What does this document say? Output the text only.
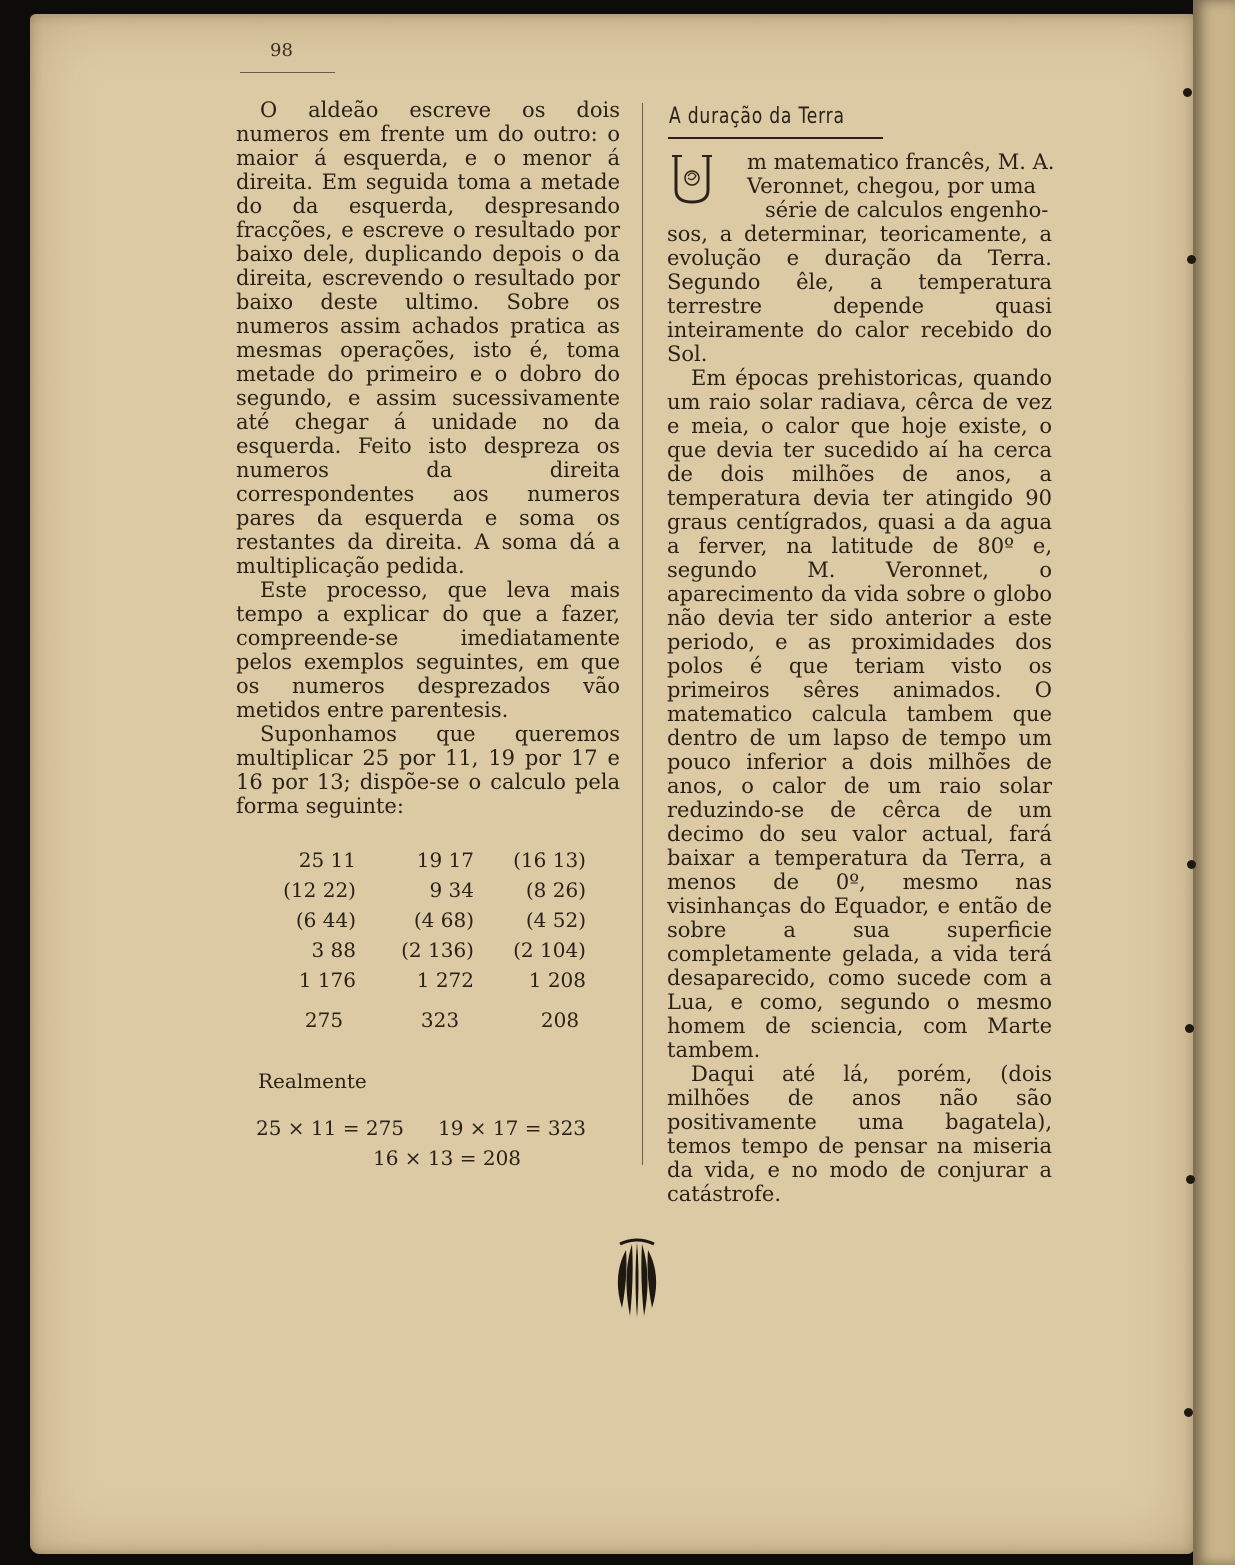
98

O aldeão escreve os dois numeros em frente um do outro: o maior á esquerda, e o menor á direita. Em seguida toma a metade do da esquerda, despresando fracções, e escreve o resultado por baixo dele, duplicando depois o da direita, escrevendo o resultado por baixo deste ultimo. Sobre os numeros assim achados pratica as mesmas operações, isto é, toma metade do primeiro e o dobro do segundo, e assim sucessivamente até chegar á unidade no da esquerda. Feito isto despreza os numeros da direita correspondentes aos numeros pares da esquerda e soma os restantes da direita. A soma dá a multiplicação pedida.

Este processo, que leva mais tempo a explicar do que a fazer, compreende-se imediatamente pelos exemplos seguintes, em que os numeros desprezados vão metidos entre parentesis.

Suponhamos que queremos multiplicar 25 por 11, 19 por 17 e 16 por 13; dispõe-se o calculo pela forma seguinte:

25 11
(12 22)
(6 44)
3 88
1 176
275
19 17
9 34
(4 68)
(2 136)
1 272
323
(16 13)
(8 26)
(4 52)
(2 104)
1 208
208
Realmente
25 × 11 = 275 19 × 17 = 323
16 × 13 = 208
A duração da Terra
m matematico francês, M. A.
Veronnet, chegou, por uma
série de calculos engenho-

sos, a determinar, teoricamente, a evolução e duração da Terra. Segundo êle, a temperatura terrestre depende quasi inteiramente do calor recebido do Sol.

Em épocas prehistoricas, quando um raio solar radiava, cêrca de vez e meia, o calor que hoje existe, o que devia ter sucedido aí ha cerca de dois milhões de anos, a temperatura devia ter atingido 90 graus centígrados, quasi a da agua a ferver, na latitude de 80º e, segundo M. Veronnet, o aparecimento da vida sobre o globo não devia ter sido anterior a este periodo, e as proximidades dos polos é que teriam visto os primeiros sêres animados. O matematico calcula tambem que dentro de um lapso de tempo um pouco inferior a dois milhões de anos, o calor de um raio solar reduzindo-se de cêrca de um decimo do seu valor actual, fará baixar a temperatura da Terra, a menos de 0º, mesmo nas visinhanças do Equador, e então de sobre a sua superficie completamente gelada, a vida terá desaparecido, como sucede com a Lua, e como, segundo o mesmo homem de sciencia, com Marte tambem.

Daqui até lá, porém, (dois milhões de anos não são positivamente uma bagatela), temos tempo de pensar na miseria da vida, e no modo de conjurar a catástrofe.
